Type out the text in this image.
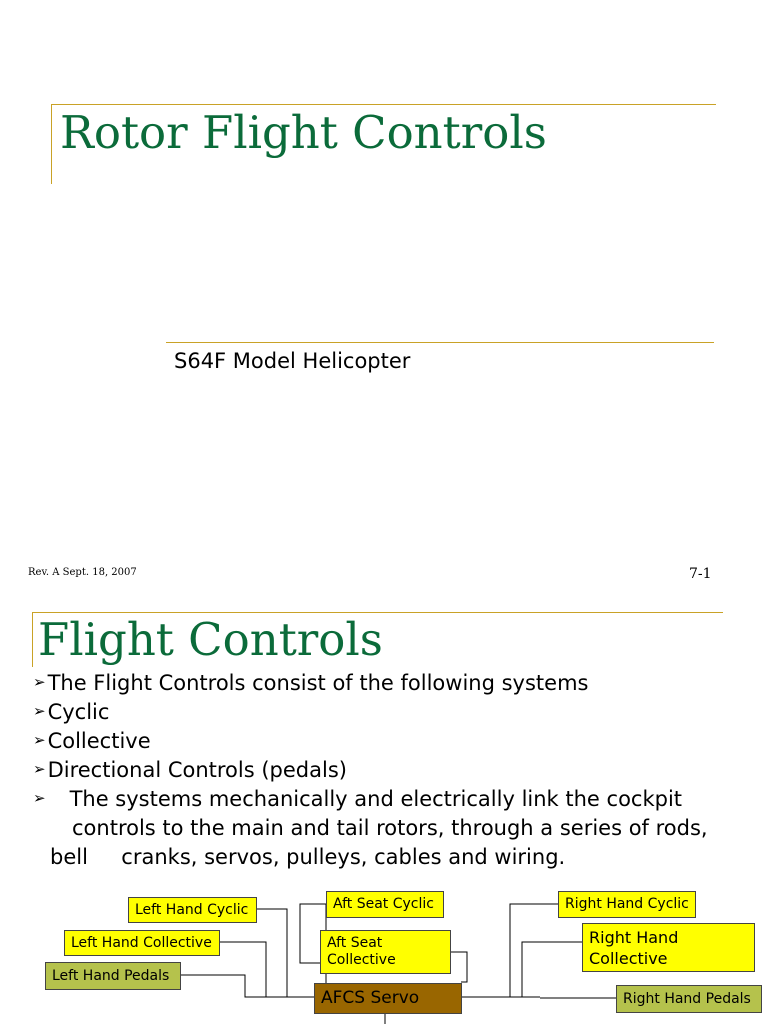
Rotor Flight Controls
S64F Model Helicopter
Rev. A Sept. 18, 2007	7-1
Flight Controls
➢The Flight Controls consist of the following systems
➢Cyclic
➢Collective
➢Directional Controls (pedals)
➢ The systems mechanically and electrically link the cockpit
controls to the main and tail rotors, through a series of rods,
bell     cranks, servos, pulleys, cables and wiring.
Left Hand Cyclic
Left Hand Collective
Left Hand Pedals
Aft Seat Cyclic
Aft Seat Collective
AFCS Servo
Right Hand Cyclic
Right Hand Collective
Right Hand Pedals
